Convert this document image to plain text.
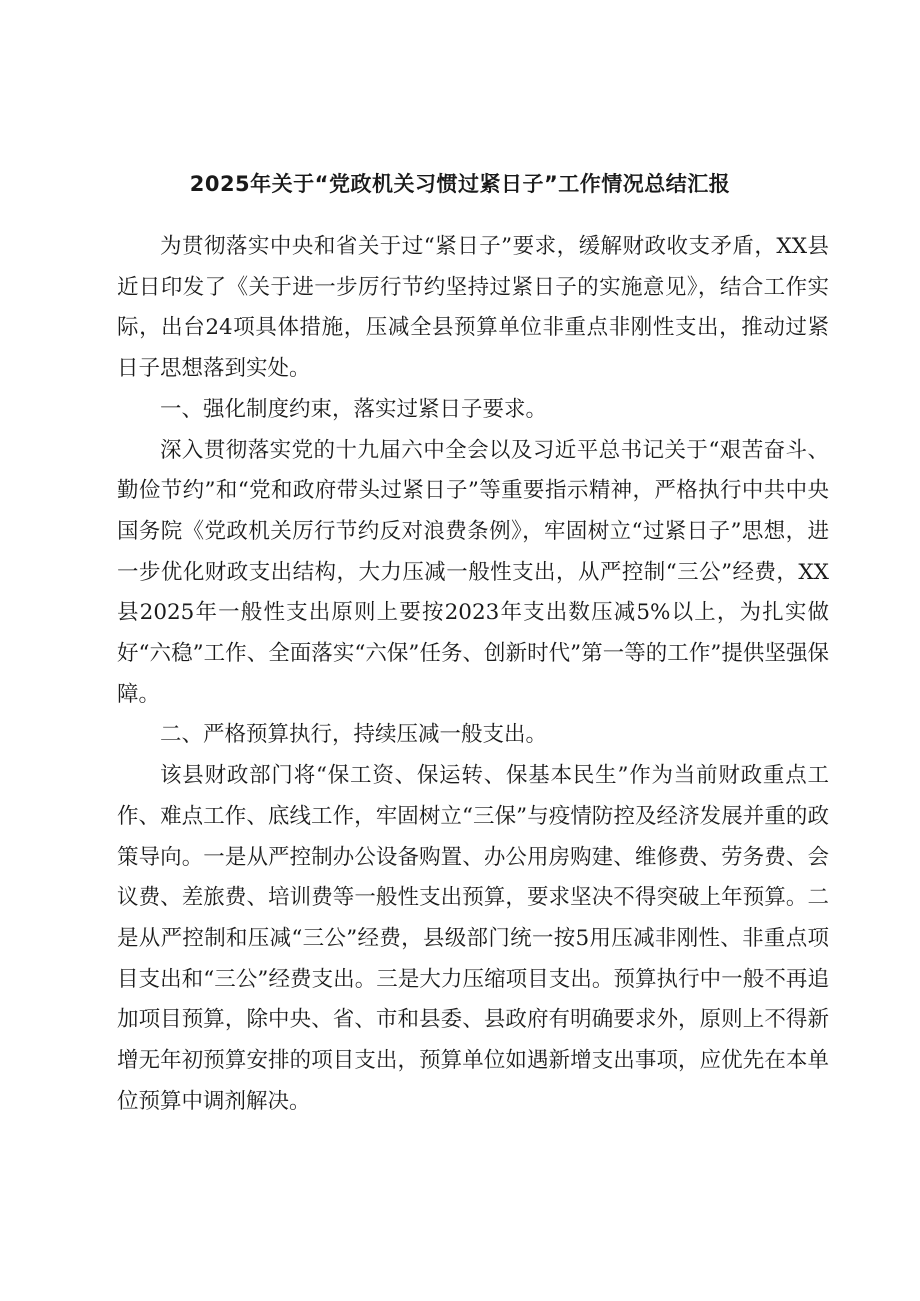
2025年关于“党政机关习惯过紧日子”工作情况总结汇报

为贯彻落实中央和省关于过“紧日子”要求，缓解财政收支矛盾，XX县近日印发了《关于进一步厉行节约坚持过紧日子的实施意见》，结合工作实际，出台24项具体措施，压减全县预算单位非重点非刚性支出，推动过紧日子思想落到实处。

一、强化制度约束，落实过紧日子要求。

深入贯彻落实党的十九届六中全会以及习近平总书记关于“艰苦奋斗、勤俭节约”和“党和政府带头过紧日子”等重要指示精神，严格执行中共中央国务院《党政机关厉行节约反对浪费条例》，牢固树立“过紧日子”思想，进一步优化财政支出结构，大力压减一般性支出，从严控制“三公”经费，XX县2025年一般性支出原则上要按2023年支出数压减5%以上，为扎实做好“六稳”工作、全面落实“六保”任务、创新时代”第一等的工作”提供坚强保障。

二、严格预算执行，持续压减一般支出。

该县财政部门将“保工资、保运转、保基本民生”作为当前财政重点工作、难点工作、底线工作，牢固树立“三保”与疫情防控及经济发展并重的政策导向。一是从严控制办公设备购置、办公用房购建、维修费、劳务费、会议费、差旅费、培训费等一般性支出预算，要求坚决不得突破上年预算。二是从严控制和压减“三公”经费，县级部门统一按5用压减非刚性、非重点项目支出和“三公”经费支出。三是大力压缩项目支出。预算执行中一般不再追加项目预算，除中央、省、市和县委、县政府有明确要求外，原则上不得新增无年初预算安排的项目支出，预算单位如遇新增支出事项，应优先在本单位预算中调剂解决。
